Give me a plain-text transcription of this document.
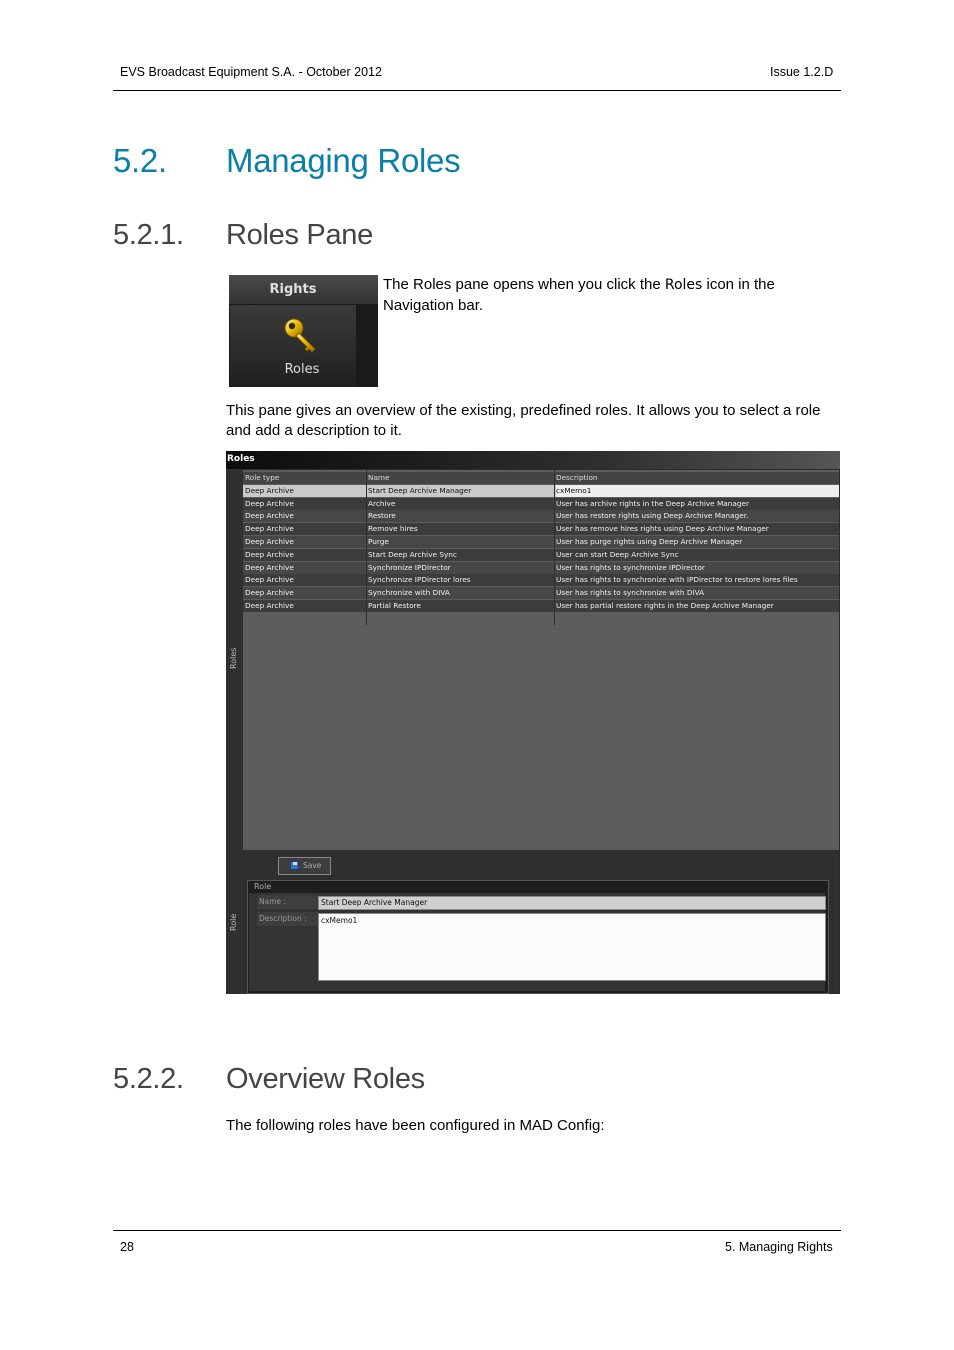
EVS Broadcast Equipment S.A. - October 2012	Issue 1.2.D
5.2. Managing Roles
5.2.1. Roles Pane
Rights
Roles
The Roles pane opens when you click the Roles icon in the
Navigation bar.
This pane gives an overview of the existing, predefined roles. It allows you to select a role
and add a description to it.
Roles
Roles
Role
Role type	Name	Description
Deep Archive	Start Deep Archive Manager	cxMemo1
Deep Archive	Archive	User has archive rights in the Deep Archive Manager
Deep Archive	Restore	User has restore rights using Deep Archive Manager.
Deep Archive	Remove hires	User has remove hires rights using Deep Archive Manager
Deep Archive	Purge	User has purge rights using Deep Archive Manager
Deep Archive	Start Deep Archive Sync	User can start Deep Archive Sync
Deep Archive	Synchronize IPDirector	User has rights to synchronize IPDirector
Deep Archive	Synchronize IPDirector lores	User has rights to synchronize with IPDirector to restore lores files
Deep Archive	Synchronize with DIVA	User has rights to synchronize with DIVA
Deep Archive	Partial Restore	User has partial restore rights in the Deep Archive Manager
Save
Role
Name :	Start Deep Archive Manager
Description :	cxMemo1
5.2.2. Overview Roles
The following roles have been configured in MAD Config:
28	5. Managing Rights
